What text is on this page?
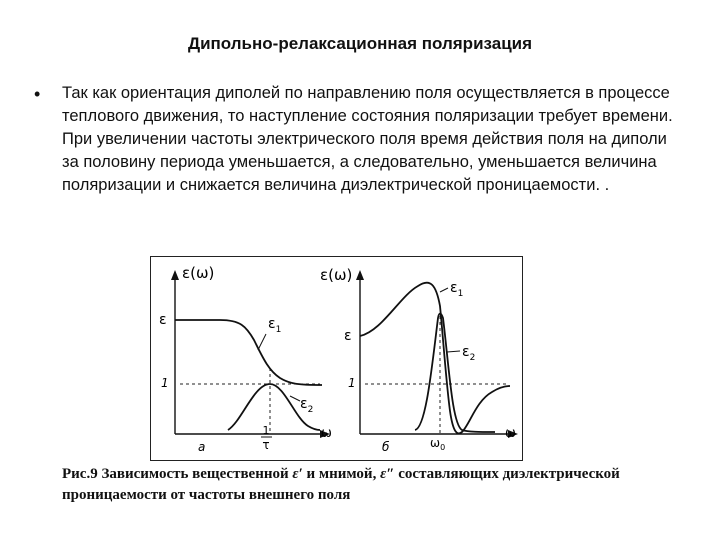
Дипольно-релаксационная поляризация
• Так как ориентация диполей по направлению поля осуществляется в процессе теплового движения, то наступление состояния поляризации требует времени. При увеличении частоты электрического поля время действия поля на диполи за половину периода уменьшается, а следовательно, уменьшается величина поляризации и снижается величина диэлектрической проницаемости. .
ε(ω)
ε
1
ω
$\varepsilon_1$
$\varepsilon_2$
1
τ
а
ε(ω)
ε
1
ω
$\varepsilon_1$
$\varepsilon_2$
$\omega_0$
б
Рис.9 Зависимость вещественной ε′ и мнимой, ε″ составляющих диэлектрической проницаемости от частоты внешнего поля
